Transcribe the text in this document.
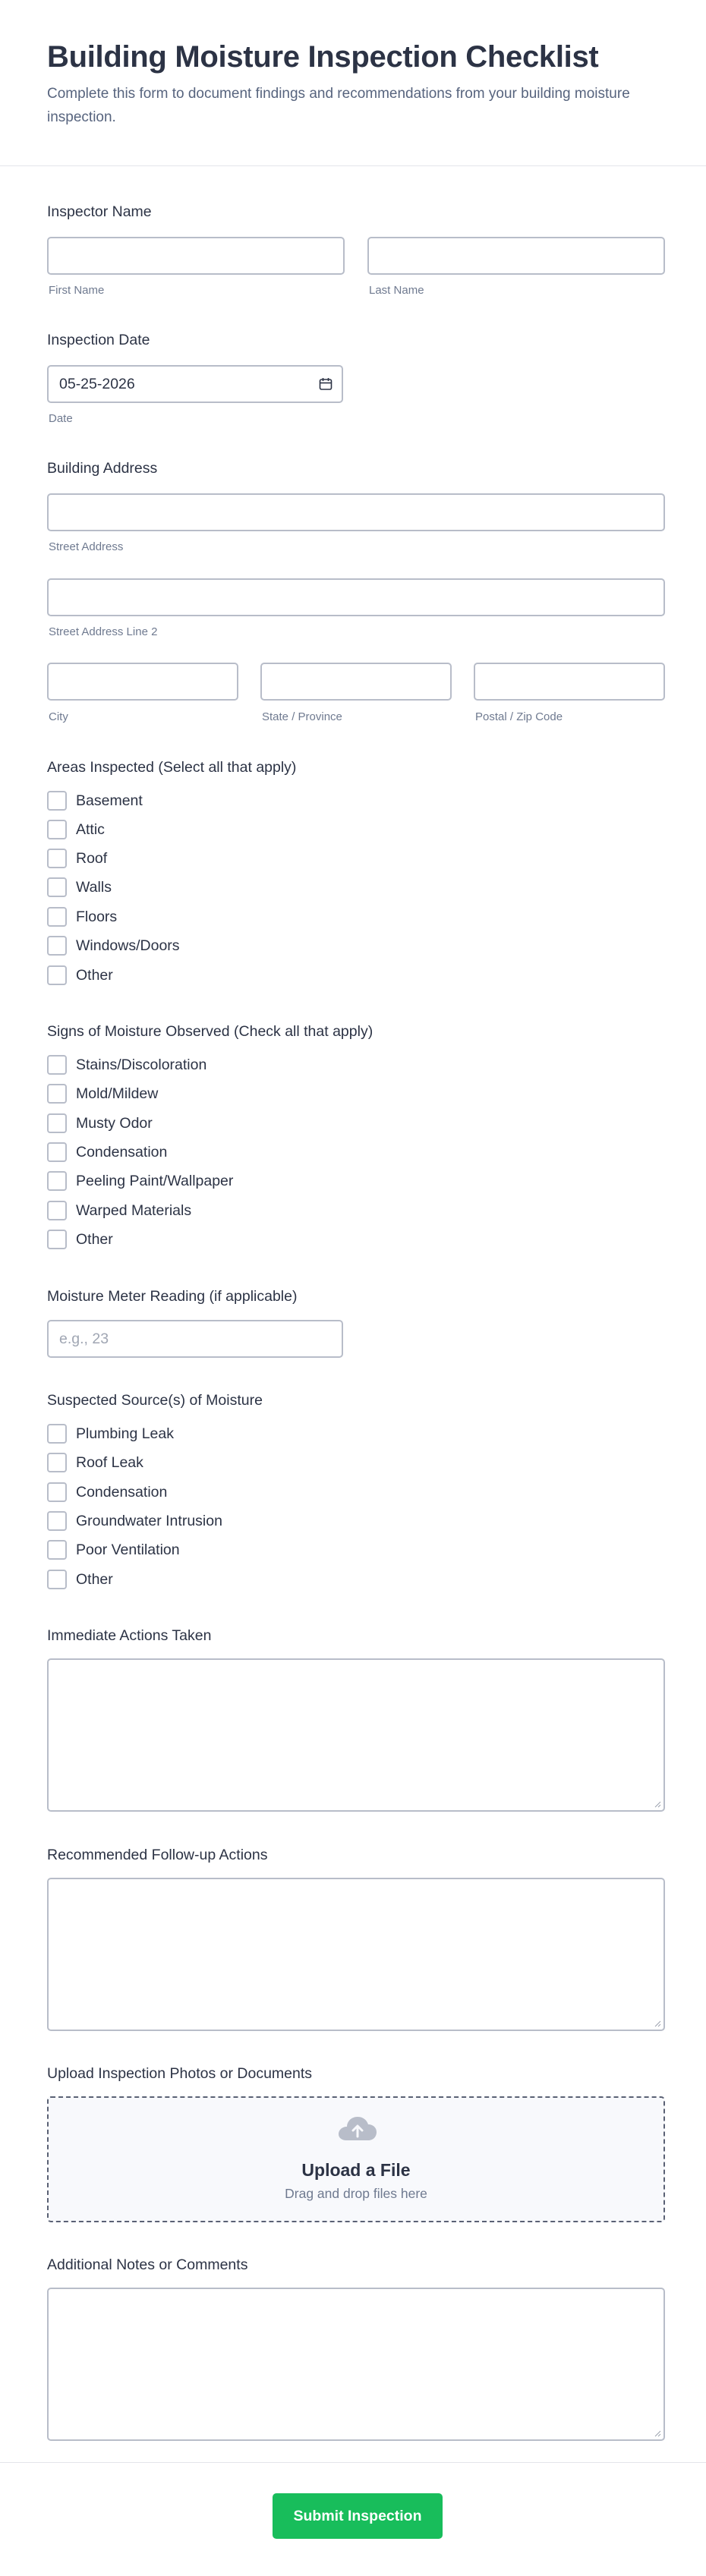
Building Moisture Inspection Checklist

Complete this form to document findings and recommendations from your building moisture inspection.

Inspector Name
First Name	Last Name
Inspection Date
05-25-2026
Date
Building Address
Street Address
Street Address Line 2
City	State / Province	Postal / Zip Code
Areas Inspected (Select all that apply)
Basement
Attic
Roof
Walls
Floors
Windows/Doors
Other
Signs of Moisture Observed (Check all that apply)
Stains/Discoloration
Mold/Mildew
Musty Odor
Condensation
Peeling Paint/Wallpaper
Warped Materials
Other
Moisture Meter Reading (if applicable)
e.g., 23
Suspected Source(s) of Moisture
Plumbing Leak
Roof Leak
Condensation
Groundwater Intrusion
Poor Ventilation
Other
Immediate Actions Taken
Recommended Follow-up Actions
Upload Inspection Photos or Documents
Upload a File
Drag and drop files here
Additional Notes or Comments
Submit Inspection
